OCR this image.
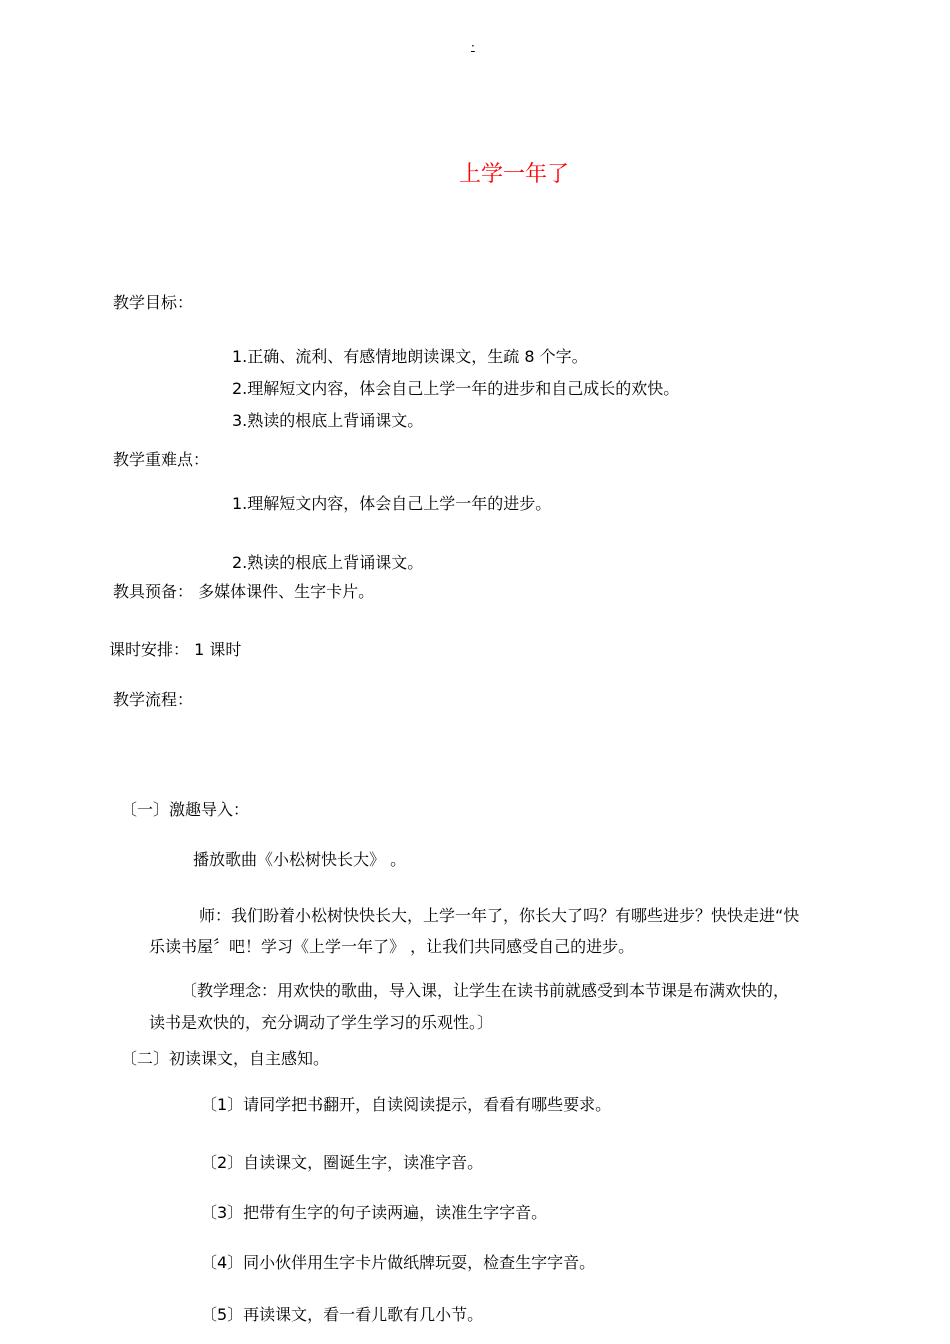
·
上学一年了
教学目标：
1.正确、流利、有感情地朗读课文，生疏 8 个字。
2.理解短文内容，体会自己上学一年的进步和自己成长的欢快。
3.熟读的根底上背诵课文。
教学重难点：
1.理解短文内容，体会自己上学一年的进步。
2.熟读的根底上背诵课文。
教具预备： 多媒体课件、生字卡片。
课时安排： 1 课时
教学流程：
〔一〕激趣导入：
播放歌曲《小松树快长大》 。
师：我们盼着小松树快快长大，上学一年了，你长大了吗？有哪些进步？快快走进“快
乐读书屋〞吧！学习《上学一年了》 ，让我们共同感受自己的进步。
〔教学理念：用欢快的歌曲，导入课，让学生在读书前就感受到本节课是布满欢快的，
读书是欢快的，充分调动了学生学习的乐观性。〕
〔二〕初读课文，自主感知。
〔1〕请同学把书翻开，自读阅读提示，看看有哪些要求。
〔2〕自读课文，圈诞生字，读准字音。
〔3〕把带有生字的句子读两遍，读准生字字音。
〔4〕同小伙伴用生字卡片做纸牌玩耍，检查生字字音。
〔5〕再读课文，看一看儿歌有几小节。
